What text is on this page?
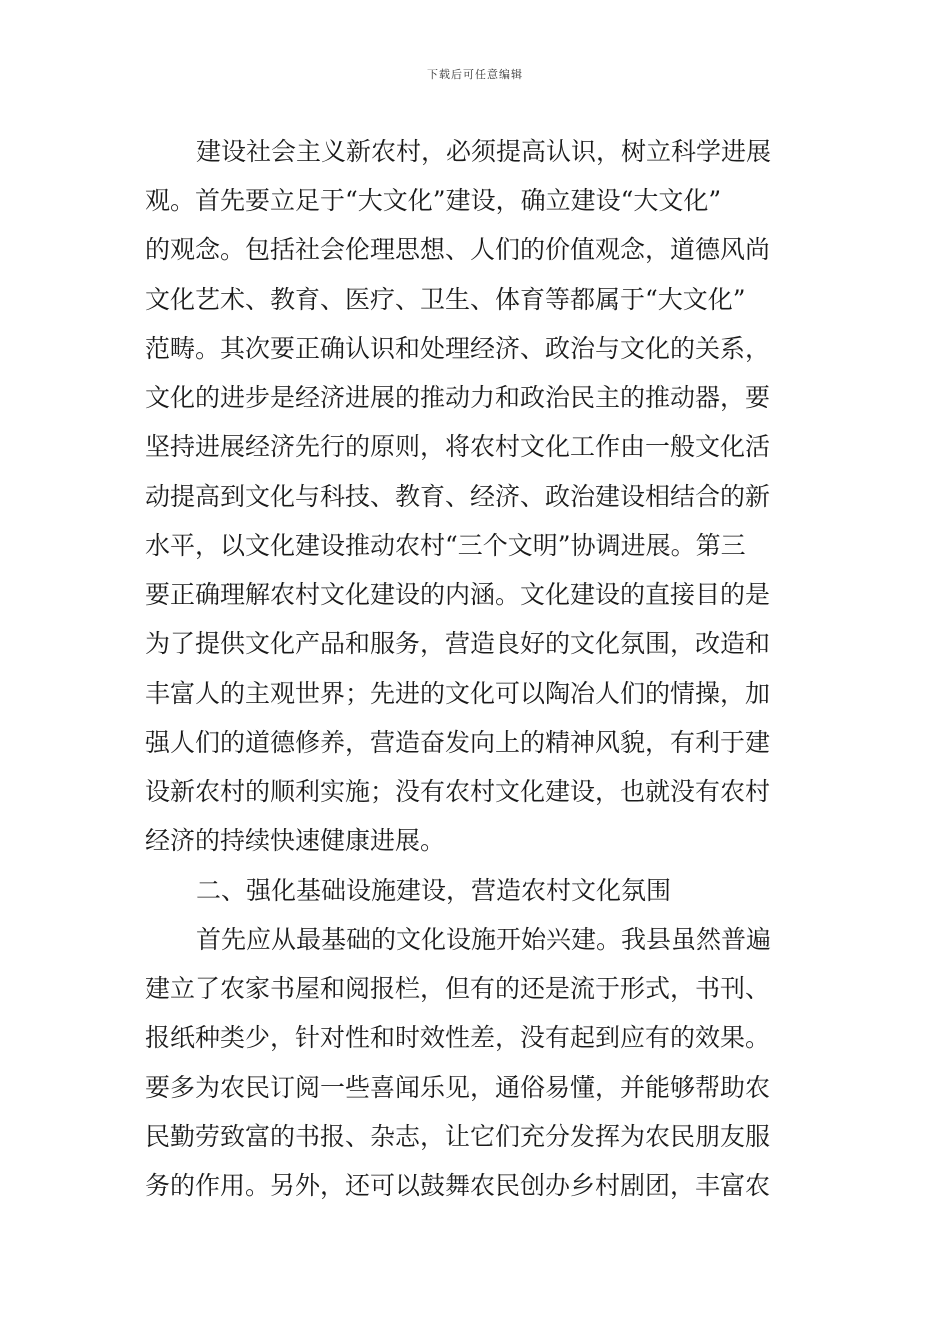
下载后可任意编辑
建设社会主义新农村，必须提高认识，树立科学进展
观。首先要立足于“大文化”建设，确立建设“大文化”
的观念。包括社会伦理思想、人们的价值观念，道德风尚
文化艺术、教育、医疗、卫生、体育等都属于“大文化”
范畴。其次要正确认识和处理经济、政治与文化的关系，
文化的进步是经济进展的推动力和政治民主的推动器，要
坚持进展经济先行的原则，将农村文化工作由一般文化活
动提高到文化与科技、教育、经济、政治建设相结合的新
水平，以文化建设推动农村“三个文明”协调进展。第三
要正确理解农村文化建设的内涵。文化建设的直接目的是
为了提供文化产品和服务，营造良好的文化氛围，改造和
丰富人的主观世界；先进的文化可以陶冶人们的情操，加
强人们的道德修养，营造奋发向上的精神风貌，有利于建
设新农村的顺利实施；没有农村文化建设，也就没有农村
经济的持续快速健康进展。
二、强化基础设施建设，营造农村文化氛围
首先应从最基础的文化设施开始兴建。我县虽然普遍
建立了农家书屋和阅报栏，但有的还是流于形式，书刊、
报纸种类少，针对性和时效性差，没有起到应有的效果。
要多为农民订阅一些喜闻乐见，通俗易懂，并能够帮助农
民勤劳致富的书报、杂志，让它们充分发挥为农民朋友服
务的作用。另外，还可以鼓舞农民创办乡村剧团，丰富农
